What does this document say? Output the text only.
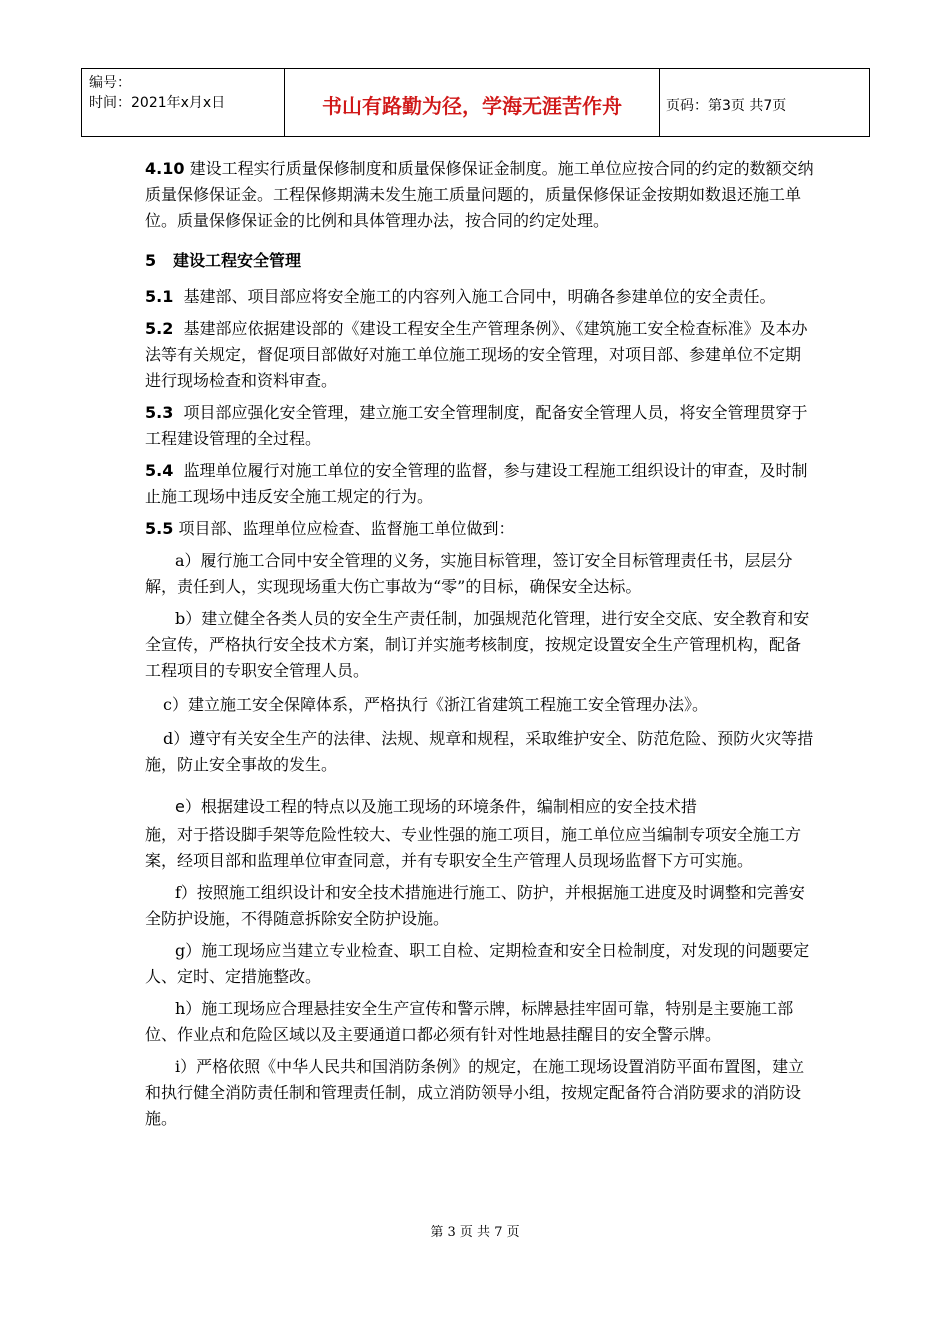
编号：
时间：2021年x月x日	书山有路勤为径，学海无涯苦作舟	页码：第3页 共7页

4.10 建设工程实行质量保修制度和质量保修保证金制度。施工单位应按合同的约定的数额交纳质量保修保证金。工程保修期满未发生施工质量问题的，质量保修保证金按期如数退还施工单位。质量保修保证金的比例和具体管理办法，按合同的约定处理。

5 建设工程安全管理

5.1 基建部、项目部应将安全施工的内容列入施工合同中，明确各参建单位的安全责任。

5.2 基建部应依据建设部的《建设工程安全生产管理条例》、《建筑施工安全检查标准》及本办法等有关规定，督促项目部做好对施工单位施工现场的安全管理，对项目部、参建单位不定期进行现场检查和资料审查。

5.3 项目部应强化安全管理，建立施工安全管理制度，配备安全管理人员，将安全管理贯穿于工程建设管理的全过程。

5.4 监理单位履行对施工单位的安全管理的监督，参与建设工程施工组织设计的审查，及时制止施工现场中违反安全施工规定的行为。

5.5 项目部、监理单位应检查、监督施工单位做到：

a）履行施工合同中安全管理的义务，实施目标管理，签订安全目标管理责任书，层层分解，责任到人，实现现场重大伤亡事故为“零”的目标，确保安全达标。

b）建立健全各类人员的安全生产责任制，加强规范化管理，进行安全交底、安全教育和安全宣传，严格执行安全技术方案，制订并实施考核制度，按规定设置安全生产管理机构，配备工程项目的专职安全管理人员。

c）建立施工安全保障体系，严格执行《浙江省建筑工程施工安全管理办法》。

d）遵守有关安全生产的法律、法规、规章和规程，采取维护安全、防范危险、预防火灾等措施，防止安全事故的发生。

e）根据建设工程的特点以及施工现场的环境条件，编制相应的安全技术措

施，对于搭设脚手架等危险性较大、专业性强的施工项目，施工单位应当编制专项安全施工方案，经项目部和监理单位审查同意，并有专职安全生产管理人员现场监督下方可实施。

f）按照施工组织设计和安全技术措施进行施工、防护，并根据施工进度及时调整和完善安全防护设施，不得随意拆除安全防护设施。

g）施工现场应当建立专业检查、职工自检、定期检查和安全日检制度，对发现的问题要定人、定时、定措施整改。

h）施工现场应合理悬挂安全生产宣传和警示牌，标牌悬挂牢固可靠，特别是主要施工部位、作业点和危险区域以及主要通道口都必须有针对性地悬挂醒目的安全警示牌。

i）严格依照《中华人民共和国消防条例》的规定，在施工现场设置消防平面布置图，建立和执行健全消防责任制和管理责任制，成立消防领导小组，按规定配备符合消防要求的消防设施。

第 3 页 共 7 页
